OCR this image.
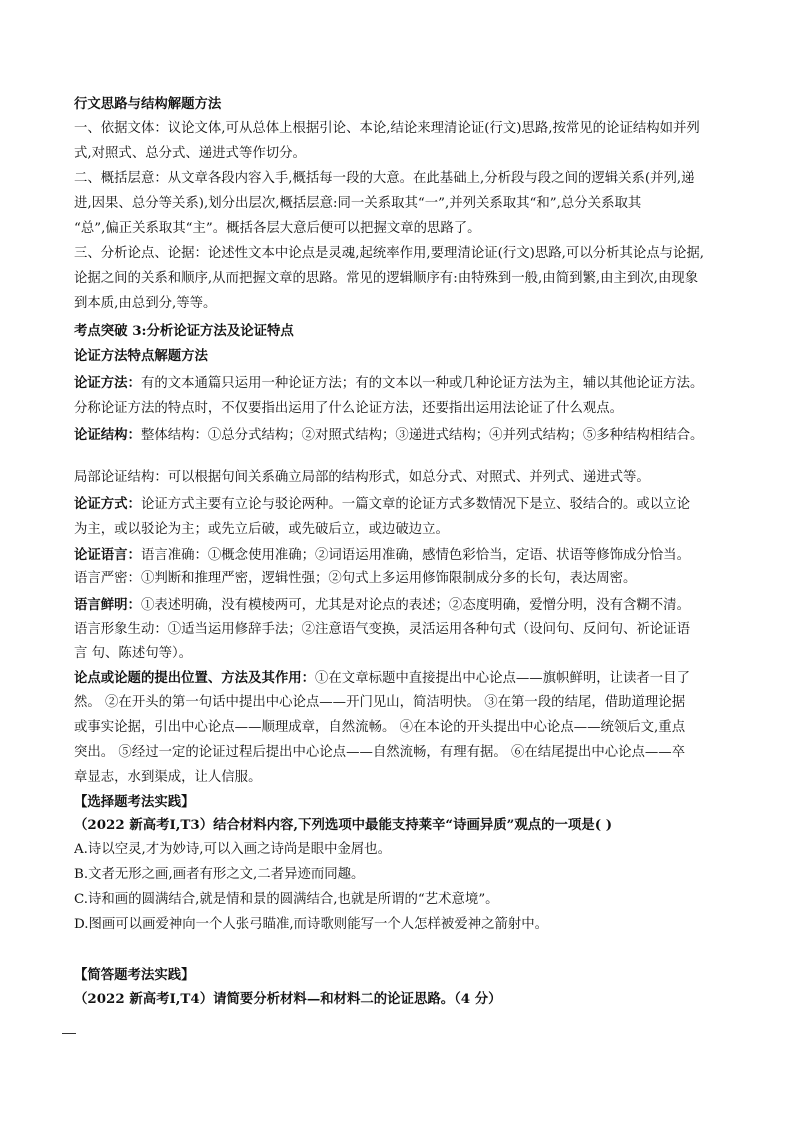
行文思路与结构解题方法
一、依据文体：议论文体,可从总体上根据引论、本论,结论来理清论证(行文)思路,按常见的论证结构如并列
式,对照式、总分式、递进式等作切分。
二、概括层意：从文章各段内容入手,概括每一段的大意。在此基础上,分析段与段之间的逻辑关系(并列,递
进,因果、总分等关系),划分出层次,概括层意:同一关系取其“一”,并列关系取其“和”,总分关系取其
“总”,偏正关系取其“主”。概括各层大意后便可以把握文章的思路了。
三、分析论点、论据：论述性文本中论点是灵魂,起统率作用,要理清论证(行文)思路,可以分析其论点与论据,
论据之间的关系和顺序,从而把握文章的思路。常见的逻辑顺序有:由特殊到一般,由简到繁,由主到次,由现象
到本质,由总到分,等等。
考点突破 3:分析论证方法及论证特点
论证方法特点解题方法
论证方法：有的文本通篇只运用一种论证方法；有的文本以一种或几种论证方法为主，辅以其他论证方法。
分称论证方法的特点时，不仅要指出运用了什么论证方法，还要指出运用法论证了什么观点。
论证结构：整体结构：①总分式结构；②对照式结构；③递进式结构；④并列式结构；⑤多种结构相结合。
局部论证结构：可以根据句间关系确立局部的结构形式，如总分式、对照式、并列式、递进式等。
论证方式：论证方式主要有立论与驳论两种。一篇文章的论证方式多数情况下是立、驳结合的。或以立论
为主，或以驳论为主；或先立后破，或先破后立，或边破边立。
论证语言：语言准确：①概念使用准确；②词语运用准确，感情色彩恰当，定语、状语等修饰成分恰当。
语言严密：①判断和推理严密，逻辑性强；②句式上多运用修饰限制成分多的长句，表达周密。
语言鲜明：①表述明确，没有模棱两可，尤其是对论点的表述；②态度明确，爱憎分明，没有含糊不清。
语言形象生动：①适当运用修辞手法；②注意语气变换，灵活运用各种句式（设问句、反问句、祈论证语
言 句、陈述句等）。
论点或论题的提出位置、方法及其作用：①在文章标题中直接提出中心论点——旗帜鲜明，让读者一目了
然。 ②在开头的第一句话中提出中心论点——开门见山，简洁明快。 ③在第一段的结尾，借助道理论据
或事实论据，引出中心论点——顺理成章，自然流畅。 ④在本论的开头提出中心论点——统领后文,重点
突出。 ⑤经过一定的论证过程后提出中心论点——自然流畅，有理有据。 ⑥在结尾提出中心论点——卒
章显志，水到渠成，让人信服。
【选择题考法实践】
（2022 新高考Ⅰ,T3）结合材料内容,下列选项中最能支持莱辛“诗画异质”观点的一项是( )
A.诗以空灵,才为妙诗,可以入画之诗尚是眼中金屑也。
B.文者无形之画,画者有形之文,二者异迹而同趣。
C.诗和画的圆满结合,就是情和景的圆满结合,也就是所谓的“艺术意境”。
D.图画可以画爱神向一个人张弓瞄准,而诗歌则能写一个人怎样被爱神之箭射中。
【简答题考法实践】
（2022 新高考Ⅰ,T4）请简要分析材料—和材料二的论证思路。（4 分）
